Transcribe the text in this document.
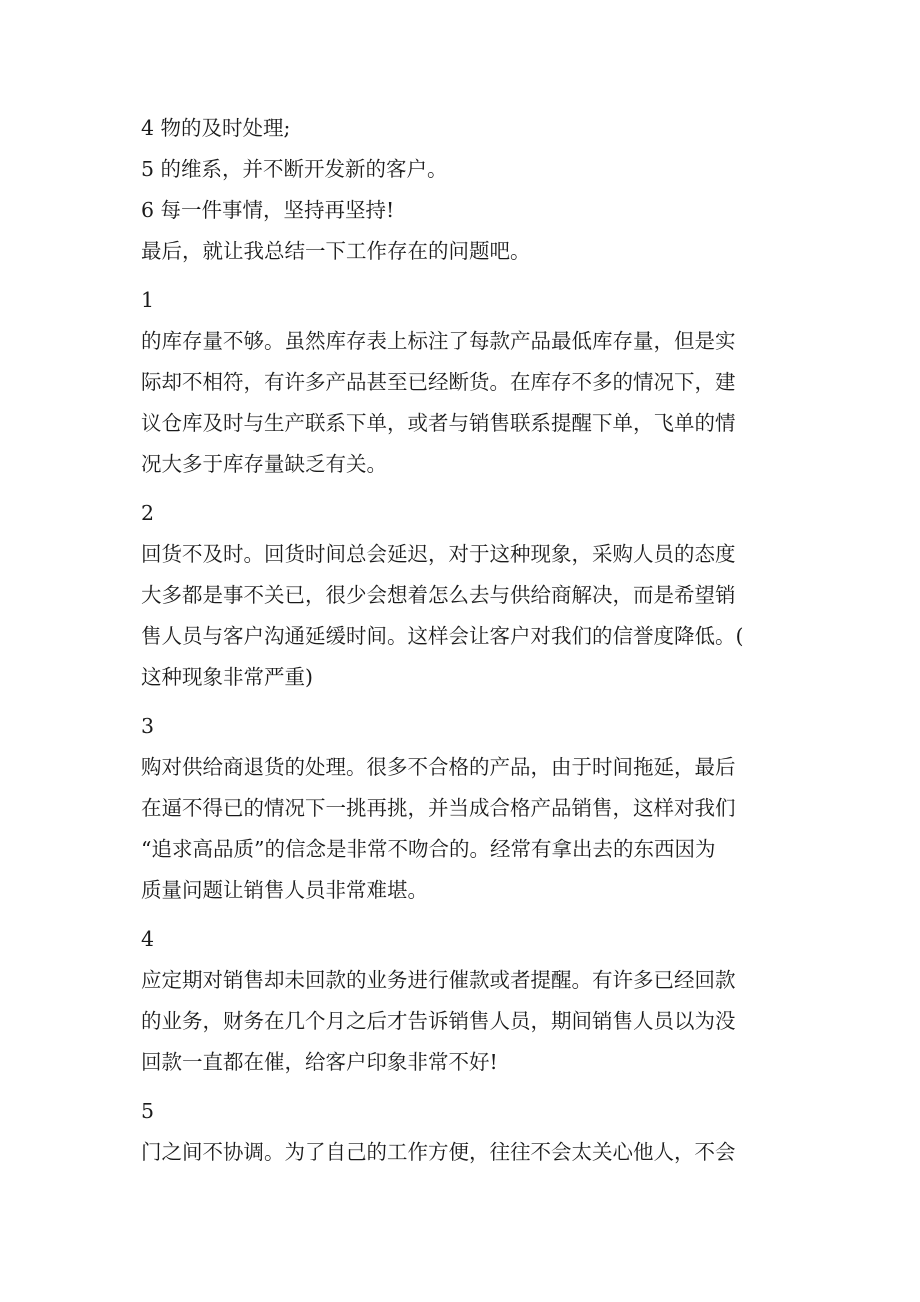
4 物的及时处理;

5 的维系，并不断开发新的客户。

6 每一件事情，坚持再坚持!

最后，就让我总结一下工作存在的问题吧。

1

的库存量不够。虽然库存表上标注了每款产品最低库存量，但是实

际却不相符，有许多产品甚至已经断货。在库存不多的情况下，建

议仓库及时与生产联系下单，或者与销售联系提醒下单，飞单的情

况大多于库存量缺乏有关。

2

回货不及时。回货时间总会延迟，对于这种现象，采购人员的态度

大多都是事不关已，很少会想着怎么去与供给商解决，而是希望销

售人员与客户沟通延缓时间。这样会让客户对我们的信誉度降低。(

这种现象非常严重)

3

购对供给商退货的处理。很多不合格的产品，由于时间拖延，最后

在逼不得已的情况下一挑再挑，并当成合格产品销售，这样对我们

“追求高品质”的信念是非常不吻合的。经常有拿出去的东西因为

质量问题让销售人员非常难堪。

4

应定期对销售却未回款的业务进行催款或者提醒。有许多已经回款

的业务，财务在几个月之后才告诉销售人员，期间销售人员以为没

回款一直都在催，给客户印象非常不好!

5

门之间不协调。为了自己的工作方便，往往不会太关心他人，不会
